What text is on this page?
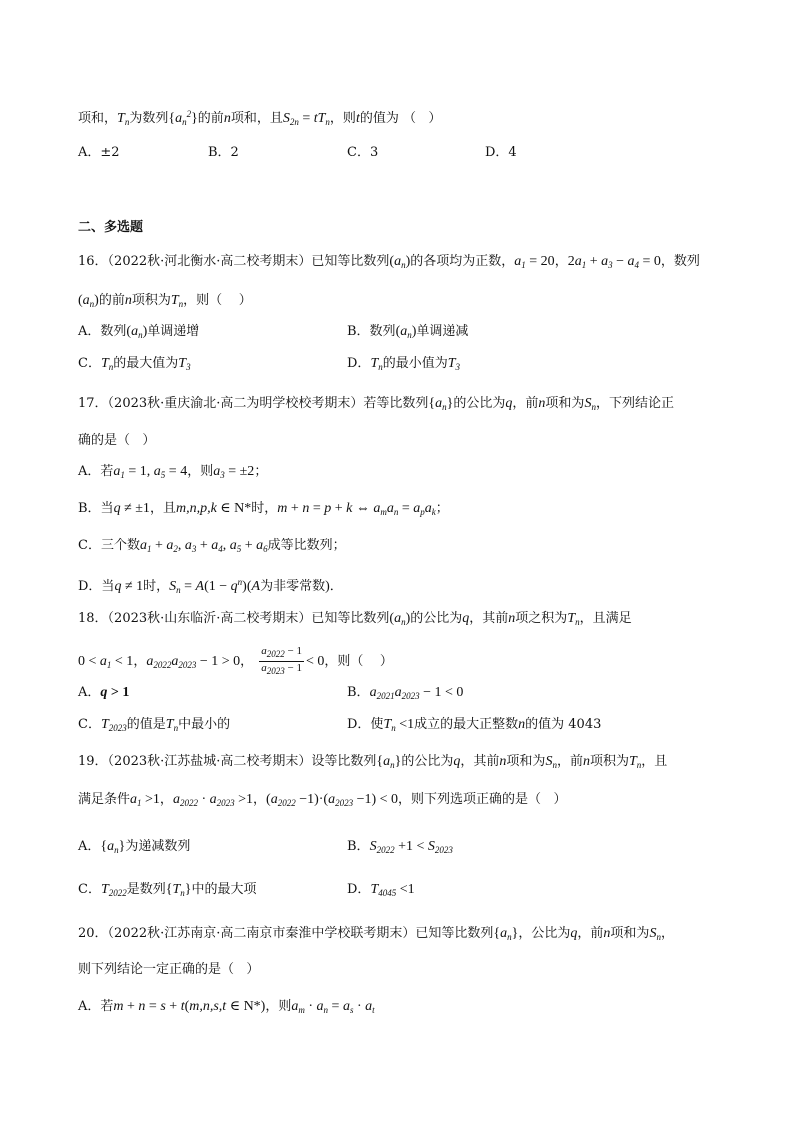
项和，$T_n$为数列$\{a_n^2\}$的前n项和，且$S_{2n} = tT_n$，则t的值为 （   ）
A．±2	B．2	C．3	D．4
二、多选题
16．（2022秋·河北衡水·高二校考期末）已知等比数列$(a_n)$的各项均为正数，$a_1 = 20$，$2a_1 + a_3 - a_4 = 0$，数列
$(a_n)$的前n项积为$T_n$，则（    ）
A．数列$(a_n)$单调递增	B．数列$(a_n)$单调递减
C．$T_n$的最大值为$T_3$	D．$T_n$的最小值为$T_3$
17．（2023秋·重庆渝北·高二为明学校校考期末）若等比数列$\{a_n\}$的公比为q，前n项和为$S_n$，下列结论正
确的是（   ）
A．若$a_1 = 1$, $a_5 = 4$，则$a_3 = \pm 2$；
B．当q ≠ ±1，且m,n,p,k ∈ N*时，m + n = p + k ⇔ $a_ma_n = a_pa_k$；
C．三个数$a_1 + a_2$, $a_3 + a_4$, $a_5 + a_6$成等比数列；
D．当q ≠ 1时，$S_n = A(1 - q^n)(A$为非零常数)．
18．（2023秋·山东临沂·高二校考期末）已知等比数列$(a_n)$的公比为q，其前n项之积为$T_n$，且满足
$0 < a_1 < 1$，$a_{2022}a_{2023} - 1 > 0$， $\frac{a_{2022} - 1}{a_{2023} - 1} < 0$，则（    ）
A．q > 1	B．$a_{2021}a_{2023} - 1 < 0$
C．$T_{2023}$的值是$T_n$中最小的	D．使$T_n <1$成立的最大正整数n的值为 4043
19．（2023秋·江苏盐城·高二校考期末）设等比数列$\{a_n\}$的公比为q，其前n项和为$S_n$，前n项积为$T_n$，且
满足条件$a_1 >1$，$a_{2022} \cdot a_{2023} >1$，$(a_{2022} -1)\cdot(a_{2023} -1) < 0$，则下列选项正确的是（   ）
A．$\{a_n\}$为递减数列	B．$S_{2022} +1 < S_{2023}$
C．$T_{2022}$是数列$\{T_n\}$中的最大项	D．$T_{4045} <1$
20．（2022秋·江苏南京·高二南京市秦淮中学校联考期末）已知等比数列$\{a_n\}$，公比为q，前n项和为$S_n$，
则下列结论一定正确的是（   ）
A．若m + n = s + t(m,n,s,t ∈ N*)，则$a_m \cdot a_n = a_s \cdot a_t$
